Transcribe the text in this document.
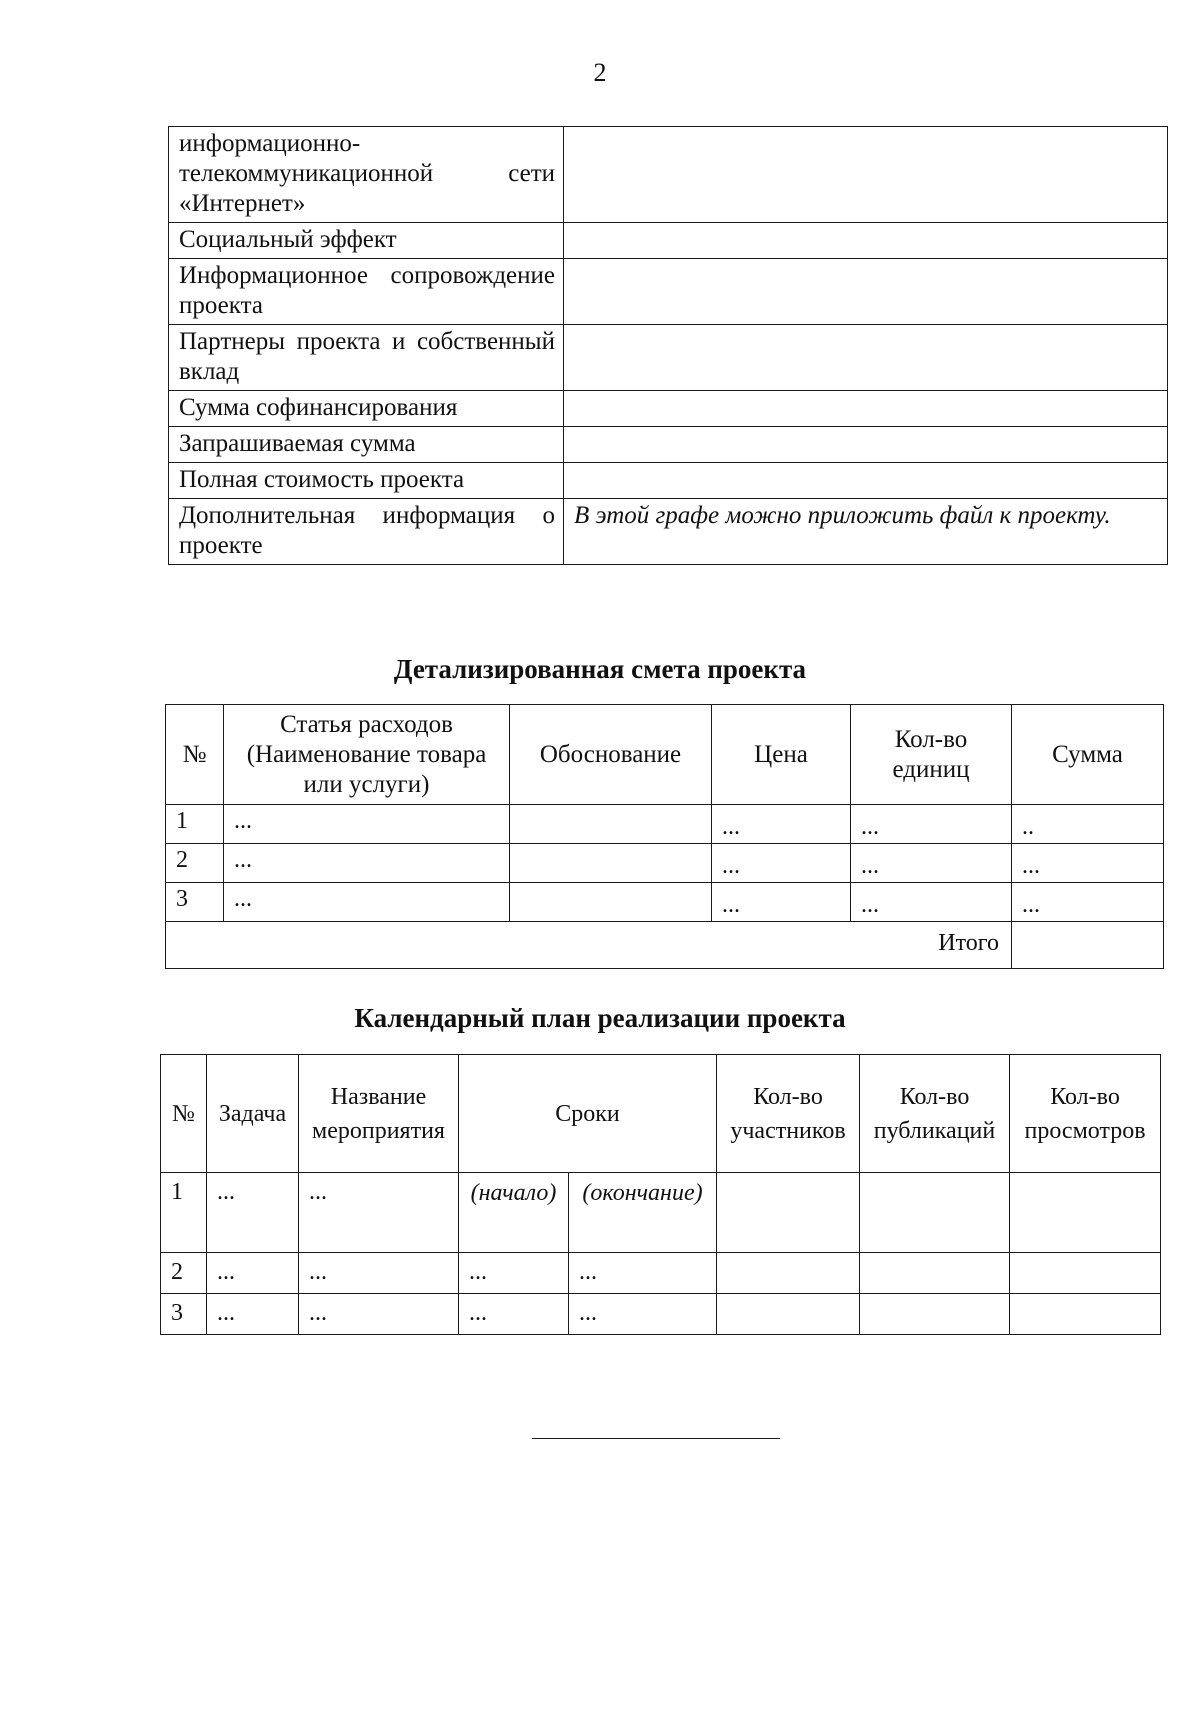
2
информационно-телекоммуникационной сети «Интернет»	
Социальный эффект	
Информационное сопровождение проекта	
Партнеры проекта и собственный вклад	
Сумма софинансирования	
Запрашиваемая сумма	
Полная стоимость проекта	
Дополнительная информация о проекте	В этой графе можно приложить файл к проекту.
Детализированная смета проекта
№	Статья расходов (Наименование товара или услуги)	Обоснование	Цена	Кол-во единиц	Сумма
1	...		...	...	..
2	...		...	...	...
3	...		...	...	...
Итого					
Календарный план реализации проекта
№	Задача	Название мероприятия	Сроки		Кол-во участников	Кол-во публикаций	Кол-во просмотров
1	...	...	(начало)	(окончание)			
2	...	...	...	...			
3	...	...	...	...			
